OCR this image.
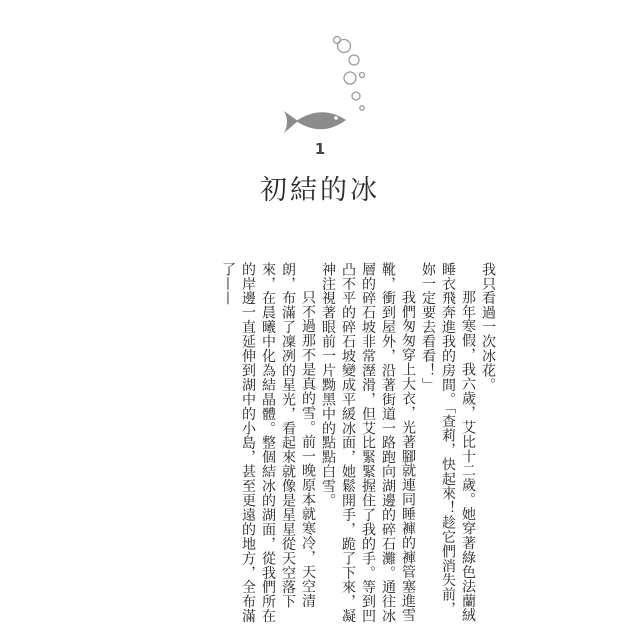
1
初結的冰

我只看過一次冰花。

那年寒假，我六歲，艾比十二歲。她穿著綠色法蘭絨睡衣飛奔進我的房間。「查莉，快起來！趁它們消失前，妳一定要去看看！」

我們匆匆穿上大衣，光著腳就連同睡褲的褲管塞進雪靴，衝到屋外，沿著街道一路跑向湖邊的碎石灘。通往冰層的碎石坡非常溼滑，但艾比緊緊握住了我的手。等到凹凸不平的碎石坡變成平緩冰面，她鬆開手，跪了下來，凝神注視著眼前一片黝黑中的點點白雪。

只不過那不是真的雪。前一晚原本就寒冷，天空清朗，布滿了凜冽的星光，看起來就像是星星從天空落下來，在晨曦中化為結晶體。整個結冰的湖面，從我們所在的岸邊一直延伸到湖中的小島，甚至更遠的地方，全布滿了——
